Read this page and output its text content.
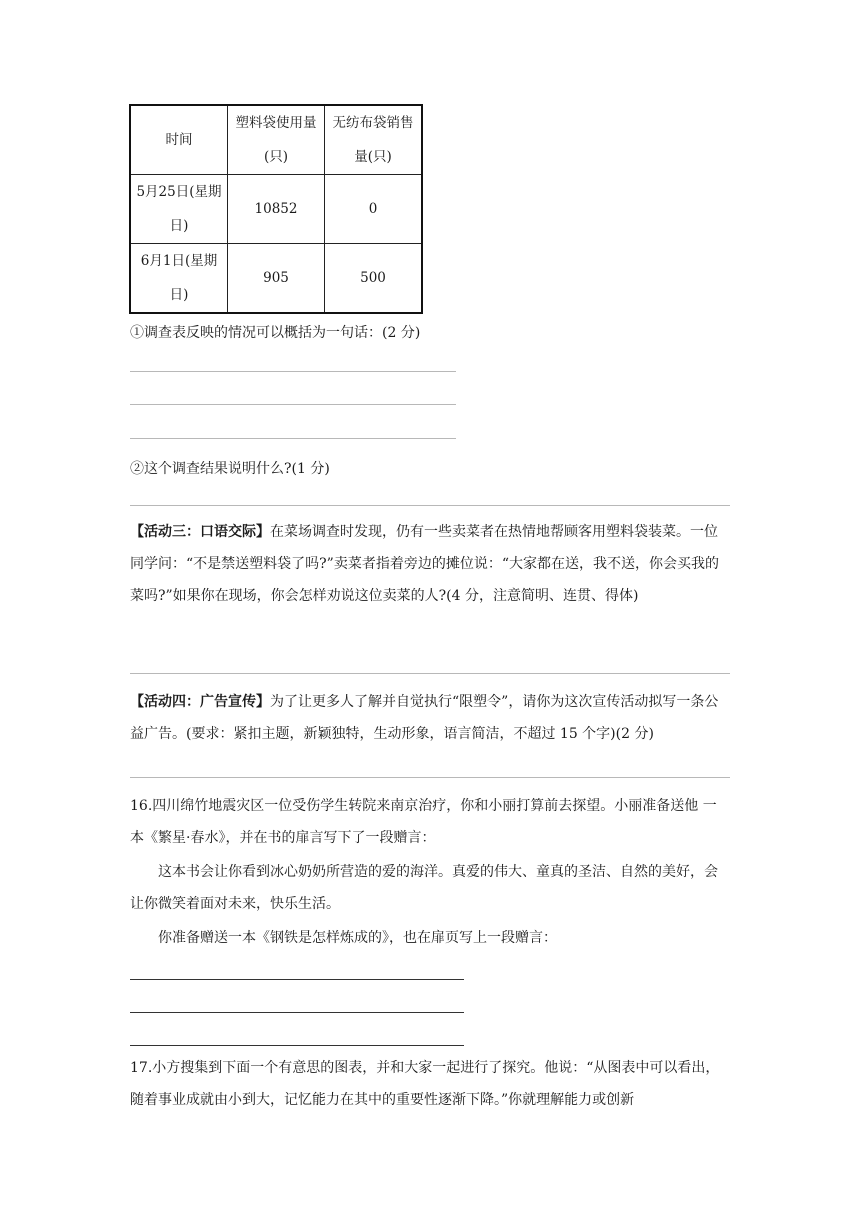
时间	塑料袋使用量(只)	无纺布袋销售量(只)
5月25日(星期日)	10852	0
6月1日(星期日)	905	500
①调查表反映的情况可以概括为一句话：(2 分)
②这个调查结果说明什么?(1 分)
【活动三：口语交际】在菜场调查时发现，仍有一些卖菜者在热情地帮顾客用塑料袋装菜。一位同学问：“不是禁送塑料袋了吗?”卖菜者指着旁边的摊位说：“大家都在送，我不送，你会买我的菜吗?”如果你在现场，你会怎样劝说这位卖菜的人?(4 分，注意简明、连贯、得体)
【活动四：广告宣传】为了让更多人了解并自觉执行“限塑令”，请你为这次宣传活动拟写一条公益广告。(要求：紧扣主题，新颖独特，生动形象，语言简洁，不超过 15 个字)(2 分)
16.四川绵竹地震灾区一位受伤学生转院来南京治疗，你和小丽打算前去探望。小丽准备送他 一本《繁星·春水》，并在书的扉言写下了一段赠言：
这本书会让你看到冰心奶奶所营造的爱的海洋。真爱的伟大、童真的圣洁、自然的美好，会让你微笑着面对未来，快乐生活。
你准备赠送一本《钢铁是怎样炼成的》，也在扉页写上一段赠言：
17.小方搜集到下面一个有意思的图表，并和大家一起进行了探究。他说：“从图表中可以看出，随着事业成就由小到大，记忆能力在其中的重要性逐渐下降。”你就理解能力或创新
